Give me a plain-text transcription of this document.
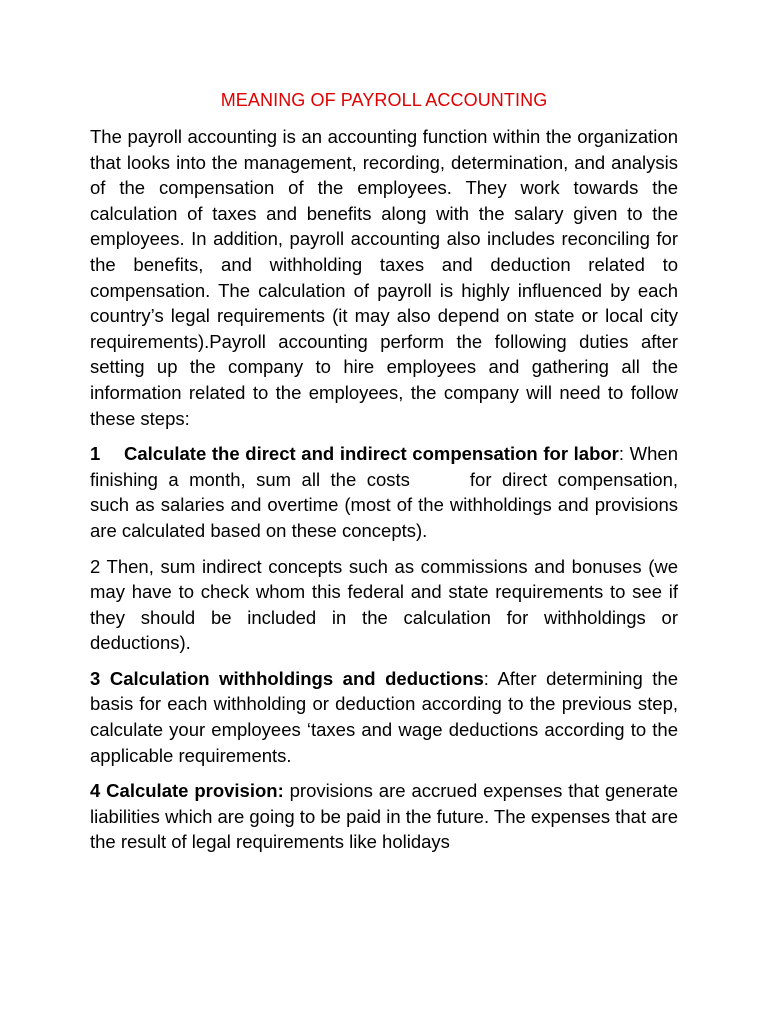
MEANING OF PAYROLL ACCOUNTING

The payroll accounting is an accounting function within the organization that looks into the management, recording, determination, and analysis of the compensation of the employees. They work towards the calculation of taxes and benefits along with the salary given to the employees. In addition, payroll accounting also includes reconciling for the benefits, and withholding taxes and deduction related to compensation. The calculation of payroll is highly influenced by each country’s legal requirements (it may also depend on state or local city requirements).Payroll accounting perform the following duties after setting up the company to hire employees and gathering all the information related to the employees, the company will need to follow these steps:

1 Calculate the direct and indirect compensation for labor: When finishing a month, sum all the costs	for direct compensation, such as salaries and overtime (most of the withholdings and provisions are calculated based on these concepts).

2 Then, sum indirect concepts such as commissions and bonuses (we may have to check whom this federal and state requirements to see if they should be included in the calculation for withholdings or deductions).

3 Calculation withholdings and deductions: After determining the basis for each withholding or deduction according to the previous step, calculate your employees ‘taxes and wage deductions according to the applicable requirements.

4 Calculate provision: provisions are accrued expenses that generate liabilities which are going to be paid in the future. The expenses that are the result of legal requirements like holidays
